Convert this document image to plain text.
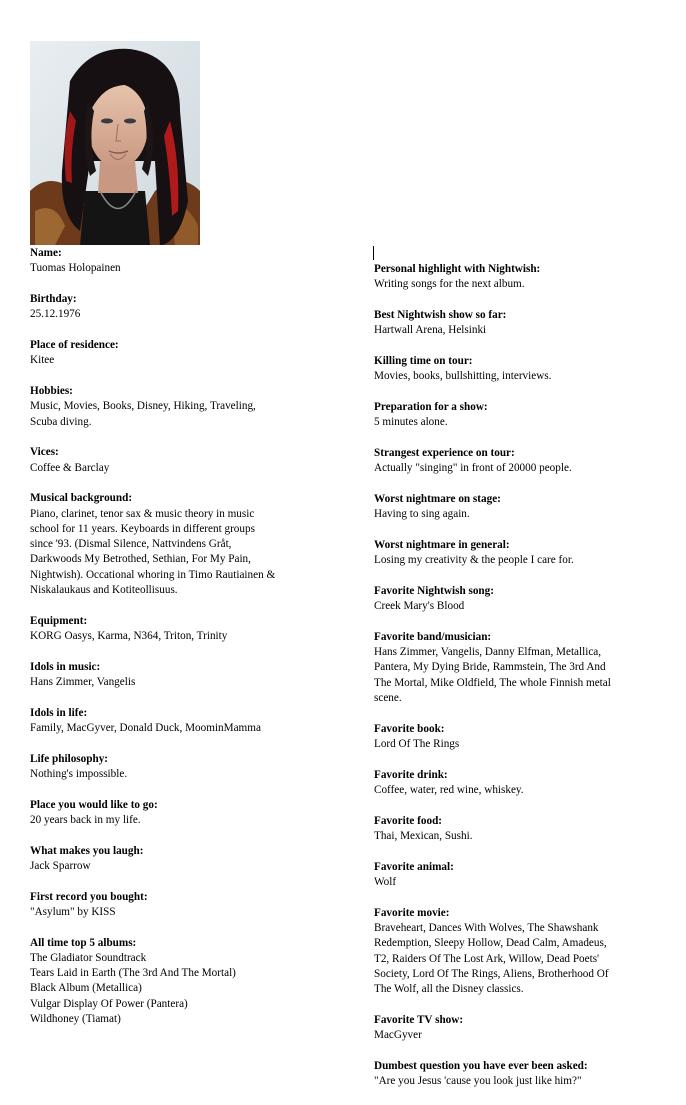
Name:
Tuomas Holopainen
Birthday:
25.12.1976
Place of residence:
Kitee
Hobbies:
Music, Movies, Books, Disney, Hiking, Traveling,
Scuba diving.
Vices:
Coffee & Barclay
Musical background:
Piano, clarinet, tenor sax & music theory in music
school for 11 years. Keyboards in different groups
since '93. (Dismal Silence, Nattvindens Gråt,
Darkwoods My Betrothed, Sethian, For My Pain,
Nightwish). Occational whoring in Timo Rautiainen &
Niskalaukaus and Kotiteollisuus.
Equipment:
KORG Oasys, Karma, N364, Triton, Trinity
Idols in music:
Hans Zimmer, Vangelis
Idols in life:
Family, MacGyver, Donald Duck, MoominMamma
Life philosophy:
Nothing's impossible.
Place you would like to go:
20 years back in my life.
What makes you laugh:
Jack Sparrow
First record you bought:
"Asylum" by KISS
All time top 5 albums:
The Gladiator Soundtrack
Tears Laid in Earth (The 3rd And The Mortal)
Black Album (Metallica)
Vulgar Display Of Power (Pantera)
Wildhoney (Tiamat)
Personal highlight with Nightwish:
Writing songs for the next album.
Best Nightwish show so far:
Hartwall Arena, Helsinki
Killing time on tour:
Movies, books, bullshitting, interviews.
Preparation for a show:
5 minutes alone.
Strangest experience on tour:
Actually "singing" in front of 20000 people.
Worst nightmare on stage:
Having to sing again.
Worst nightmare in general:
Losing my creativity & the people I care for.
Favorite Nightwish song:
Creek Mary's Blood
Favorite band/musician:
Hans Zimmer, Vangelis, Danny Elfman, Metallica,
Pantera, My Dying Bride, Rammstein, The 3rd And
The Mortal, Mike Oldfield, The whole Finnish metal
scene.
Favorite book:
Lord Of The Rings
Favorite drink:
Coffee, water, red wine, whiskey.
Favorite food:
Thai, Mexican, Sushi.
Favorite animal:
Wolf
Favorite movie:
Braveheart, Dances With Wolves, The Shawshank
Redemption, Sleepy Hollow, Dead Calm, Amadeus,
T2, Raiders Of The Lost Ark, Willow, Dead Poets'
Society, Lord Of The Rings, Aliens, Brotherhood Of
The Wolf, all the Disney classics.
Favorite TV show:
MacGyver
Dumbest question you have ever been asked:
"Are you Jesus 'cause you look just like him?"
